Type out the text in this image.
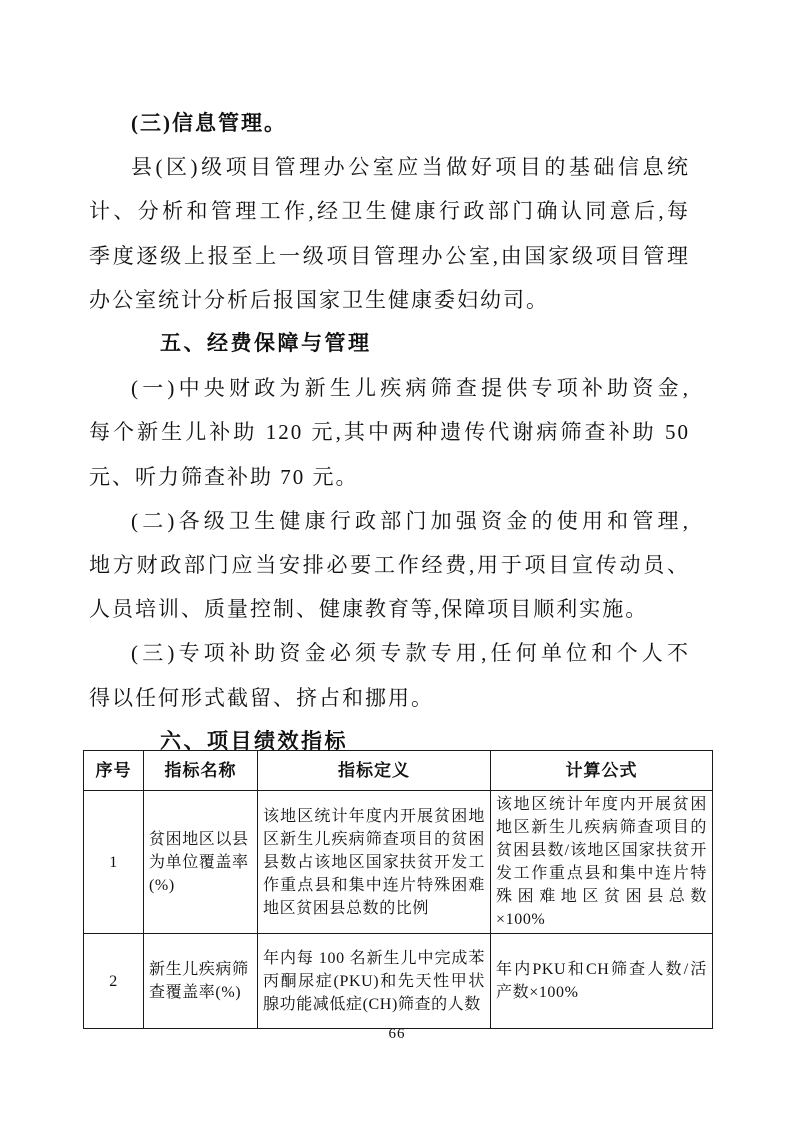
(三)信息管理。
县(区)级项目管理办公室应当做好项目的基础信息统
计、分析和管理工作,经卫生健康行政部门确认同意后,每
季度逐级上报至上一级项目管理办公室,由国家级项目管理
办公室统计分析后报国家卫生健康委妇幼司。
五、经费保障与管理
(一)中央财政为新生儿疾病筛查提供专项补助资金,
每个新生儿补助 120 元,其中两种遗传代谢病筛查补助 50
元、听力筛查补助 70 元。
(二)各级卫生健康行政部门加强资金的使用和管理,
地方财政部门应当安排必要工作经费,用于项目宣传动员、
人员培训、质量控制、健康教育等,保障项目顺利实施。
(三)专项补助资金必须专款专用,任何单位和个人不
得以任何形式截留、挤占和挪用。
六、项目绩效指标
序号	指标名称	指标定义	计算公式
1	贫困地区以县为单位覆盖率(%)	该地区统计年度内开展贫困地区新生儿疾病筛查项目的贫困县数占该地区国家扶贫开发工作重点县和集中连片特殊困难地区贫困县总数的比例	该地区统计年度内开展贫困地区新生儿疾病筛查项目的贫困县数/该地区国家扶贫开发工作重点县和集中连片特殊困难地区贫困县总数×100%
2	新生儿疾病筛查覆盖率(%)	年内每 100 名新生儿中完成苯丙酮尿症(PKU)和先天性甲状腺功能减低症(CH)筛查的人数	年内PKU和CH筛查人数/活产数×100%
66
